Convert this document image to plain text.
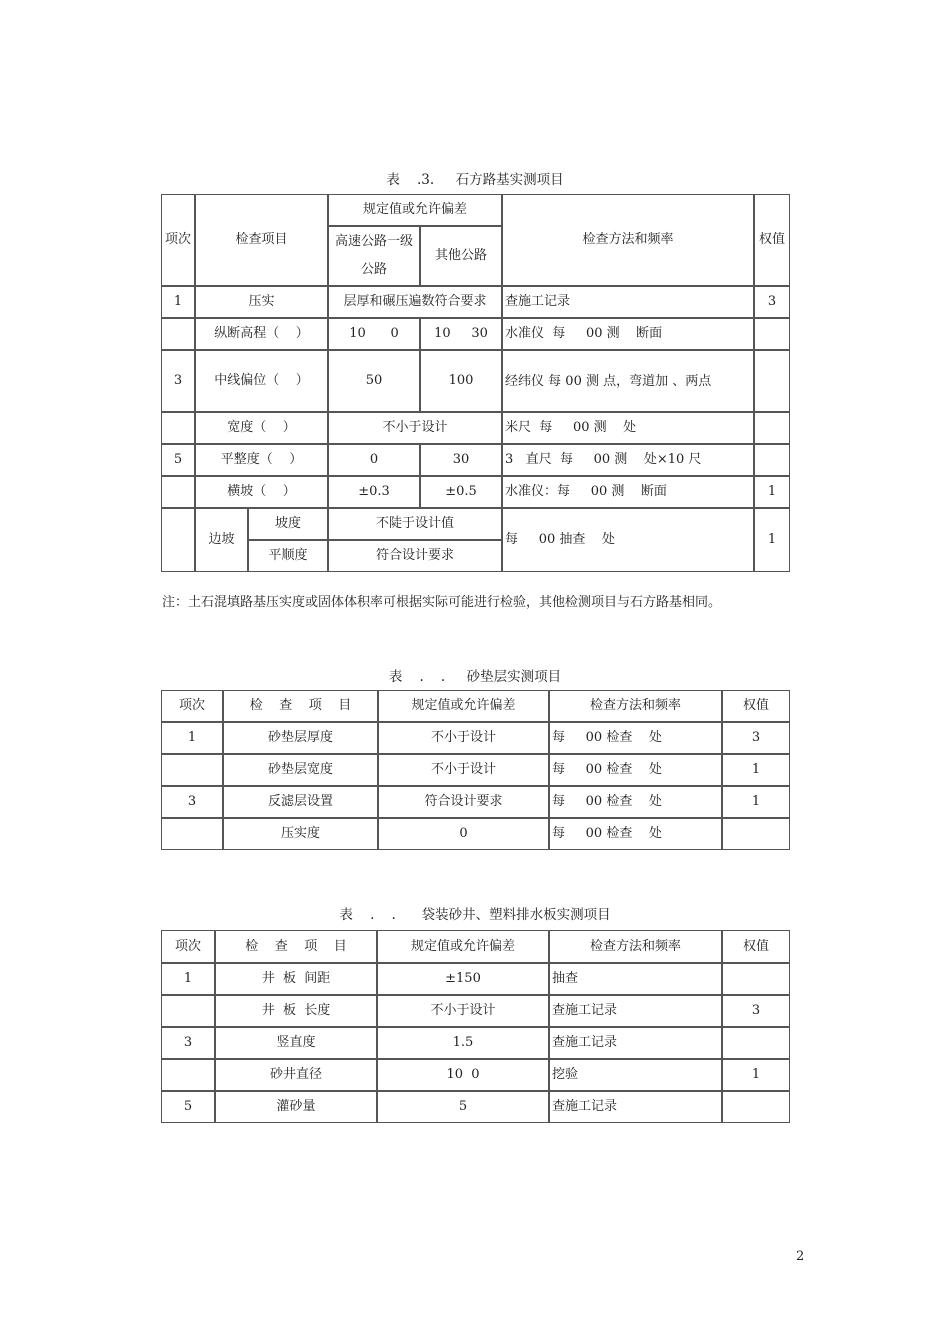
表    .3.     石方路基实测项目
项次	检查项目		规定值或允许偏差		检查方法和频率	权值
			高速公路一级公路	其他公路		

1	压实		层厚和碾压遍数符合要求		查施工记录	3
	纵断高程（    ）		10      0	10     30	水准仪  每     00 测    断面	
3	中线偏位（    ）		50	100	经纬仪 每 00 测 点，弯道加 、两点	
	宽度（    ）		不小于设计		米尺  每     00 测    处	
5	平整度（    ）		0	30	3   直尺  每     00 测    处×10 尺	
	横坡（    ）		±0.3	±0.5	水准仪：每     00 测    断面	1
	边坡	坡度	不陡于设计值		每     00 抽查    处	1
		平顺度	符合设计要求			
注：土石混填路基压实度或固体体积率可根据实际可能进行检验，其他检测项目与石方路基相同。
表    .    .     砂垫层实测项目
项次	检    查    项    目	规定值或允许偏差	检查方法和频率	权值
1	砂垫层厚度	不小于设计	每     00 检查    处	3
	砂垫层宽度	不小于设计	每     00 检查    处	1
3	反滤层设置	符合设计要求	每     00 检查    处	1
	压实度	0	每     00 检查    处	
表    .    .      袋装砂井、塑料排水板实测项目
项次	检    查    项    目	规定值或允许偏差	检查方法和频率	权值
1	井  板  间距	±150	抽查	
	井  板  长度	不小于设计	查施工记录	3
3	竖直度	1.5	查施工记录	
	砂井直径	10  0	挖验	1
5	灌砂量	5	查施工记录	
2
